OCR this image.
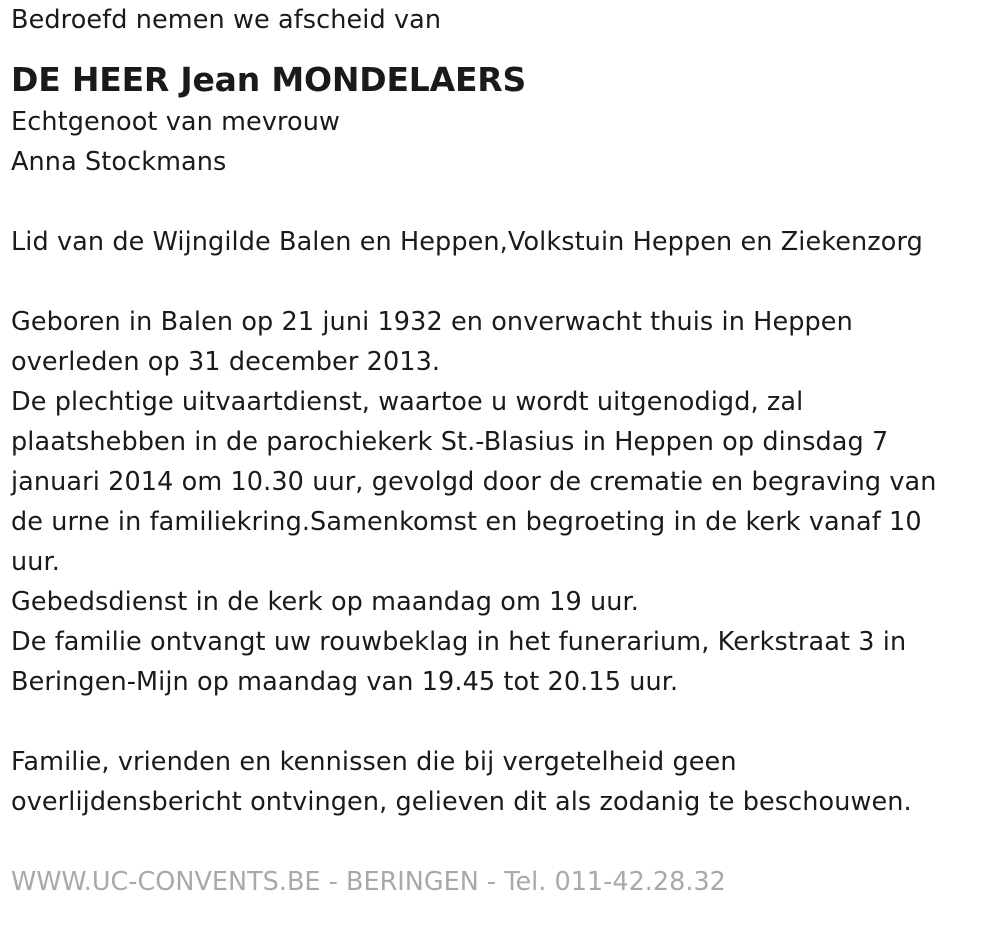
Bedroefd nemen we afscheid van
DE HEER Jean MONDELAERS
Echtgenoot van mevrouw
Anna Stockmans
Lid van de Wijngilde Balen en Heppen,Volkstuin Heppen en Ziekenzorg
Geboren in Balen op 21 juni 1932 en onverwacht thuis in Heppen
overleden op 31 december 2013.
De plechtige uitvaartdienst, waartoe u wordt uitgenodigd, zal
plaatshebben in de parochiekerk St.-Blasius in Heppen op dinsdag 7
januari 2014 om 10.30 uur, gevolgd door de crematie en begraving van
de urne in familiekring.Samenkomst en begroeting in de kerk vanaf 10
uur.
Gebedsdienst in de kerk op maandag om 19 uur.
De familie ontvangt uw rouwbeklag in het funerarium, Kerkstraat 3 in
Beringen-Mijn op maandag van 19.45 tot 20.15 uur.
Familie, vrienden en kennissen die bij vergetelheid geen
overlijdensbericht ontvingen, gelieven dit als zodanig te beschouwen.
WWW.UC-CONVENTS.BE - BERINGEN - Tel. 011-42.28.32
